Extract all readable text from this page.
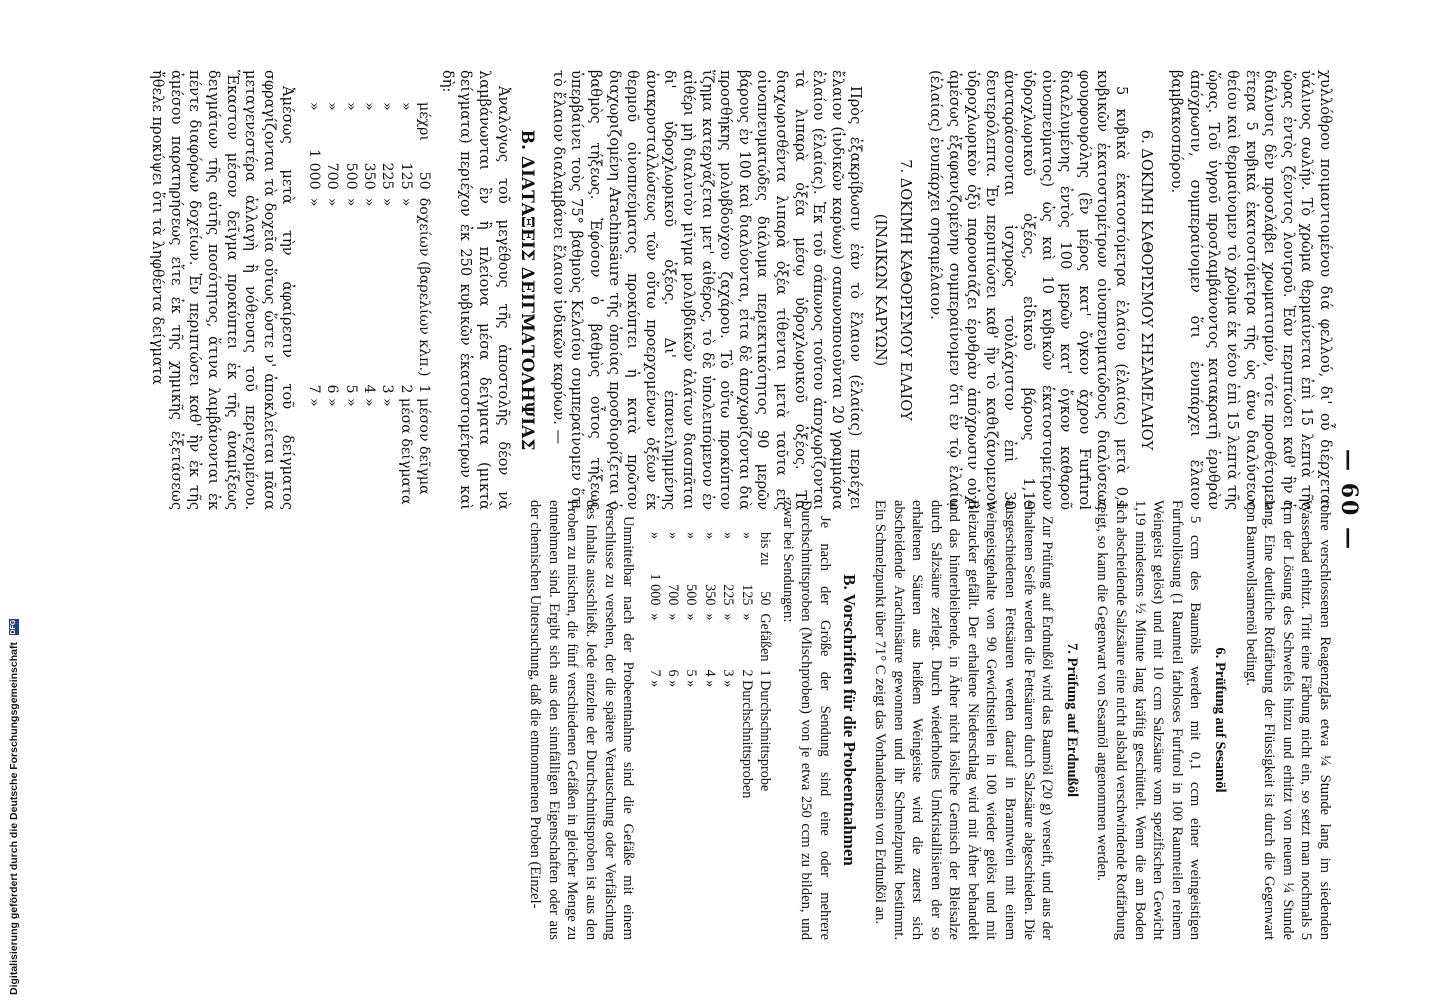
— 60 —

χυλλόθρου ποιμαντιομένου διά φελλού, δι' οὗ διέρχεται ὑάλινος σωλήν. Τὸ χρῶμα θερμαίνεται ἐπὶ 15 λεπτὰ τῆς ὥρας ἐντὸς ζέοντος λουτροῦ. Ἐὰν περιπτώσει καθ' ἣν ἡ διάλυσις δὲν προσλάβει χρωματισμόν, τότε προσθέτομεν ἕτερα 5 κυβικὰ ἑκατοστόμετρα τῆς ὡς ἄνω διαλύσεως θείου καὶ θερμαίνομεν τὸ χρῶμα ἐκ νέου ἐπὶ 15 λεπτὰ τῆς ὥρας. Τοῦ ὑγροῦ προσλαμβάνοντος κατακρατῆ ἐρυθρὰν ἀπόχρωσιν, συμπεραίνομεν ὅτι ἐνυπάρχει ἔλαιον βαμβακοσπόρου.

6. ΔΟΚΙΜΗ ΚΑΘΟΡΙΣΜΟΥ ΣΗΣΑΜΕΛΑΙΟΥ

5 κυβικὰ ἑκατοστόμετρα ἐλαίου (ἐλαίας) μετὰ 0,1 κυβικῶν ἑκατοστομέτρων οἰνοπνευματώδους διαλύσεως φουρφουρόλης (ἓν μέρος κατ' ὄγκον ἄχρου Furfurol διαλελυμένης ἐντὸς 100 μερῶν κατ' ὄγκον καθαροῦ οἰνοπνεύματος) ὡς καὶ 10 κυβικῶν ἑκατοστομέτρων ὑδροχλωρικοῦ ὀξέος, εἰδικοῦ βάρους 1,19 ἀναταράσσονται ἰσχυρῶς τοὐλάχιστον ἐπὶ 30 δευτερόλεπτα. Ἐν περιπτώσει καθ' ἣν τὸ καθιζάνομενον ὑδροχλωρικὸν ὀξὺ παρουσιάζει ἐρυθρὰν ἀπόχρωσιν οὐχὶ ἀμέσως ἐξαφανιζομένην συμπεραίνομεν ὅτι ἐν τῷ ἐλαίῳ (ἐλαίας) ἐνυπάρχει σησαμέλαιον.

7. ΔΟΚΙΜΗ ΚΑΘΟΡΙΣΜΟΥ ΕΛΑΙΟΥ
(ΙΝΔΙΚΩΝ ΚΑΡΥΩΝ)

Πρὸς ἐξακρίβωσιν ἐὰν τὸ ἔλαιον (ἐλαίας) περιέχει ἔλαιον (ἰνδικῶν καρύων) σαπωνοποιοῦνται 20 γραμμάρια ἐλαίου (ἐλαίας). Ἐκ τοῦ σάπωνος τούτου ἀποχωρίζονται τὰ λιπαρὰ ὀξέα μέσῳ ὑδροχλωρικοῦ ὀξέος. Τὰ διαχωρισθέντα λιπαρὰ ὀξέα τίθενται μετὰ ταῦτα εἰς οἰνοπνευματώδες διάλυμα περιεκτικότητος 90 μερῶν βάρους ἐν 100 καὶ διαλύονται, εἶτα δὲ ἀποχωρίζονται διὰ προσθήκης μολυβδούχου ζαχάρου. Τὸ οὕτω προκύπτον ἵζημα κατεργάζεται μετ' αἰθέρος, τὸ δὲ ὑπολειπόμενον ἐν αἰθέρι μὴ διαλυτὸν μῖγμα μολυβδικῶν ἀλάτων διασπᾶται δι' ὑδροχλωρικοῦ ὀξέος. Δι' ἐπανειλημμένης ἀνακρυσταλλώσεως τῶν οὕτω προερχομένων ὀξέων ἐκ θερμοῦ οἰνοπνεύματος προκύπτει ἡ κατὰ πρῶτον διαχωριζομένη Arachinsäure τῆς ὁποίας προσδιορίζεται ὁ βαθμὸς τήξεως. Ἐφόσον ὁ βαθμὸς οὗτος τήξεως ὑπερβαίνει τοὺς 75° βαθμοὺς Κελσίου συμπεραίνομεν ὅτι τὸ ἔλαιον διαλαμβάνει ἔλαιον ἰνδικῶν καρύων. —

B. ΔΙΑΤΑΞΕΙΣ ΔΕΙΓΜΑΤΟΛΗΨΙΑΣ

Ἀναλόγως τοῦ μεγέθους τῆς ἀποστολῆς δέον νὰ λαμβάνωνται ἓν ἢ πλείονα μέσα δείγματα (μικτὰ δείγματα) περιέχον ἐκ 250 κυβικῶν ἑκατοστομέτρων καὶ δὴ:

μέχρι	50	δοχείων (βαρελίων κλπ.)	1 μέσον δεῖγμα
»	125	»	2 μέσα δείγματα
»	225	»	3 »
»	350	»	4 »
»	500	»	5 »
»	700	»	6 »
»	1 000	»	7 »

Ἀμέσως μετὰ τὴν ἀφαίρεσιν τοῦ δείγματος σφραγίζονται τὰ δοχεῖα οὕτως ὥστε ν' ἀποκλείεται πᾶσα μεταγενεστέρα ἀλλαγὴ ἢ νόθευσις τοῦ περιεχομένου. Ἕκαστον μέσον δεῖγμα προκύπτει ἐκ τῆς ἀναμίξεως δειγμάτων τῆς αὐτῆς ποσότητος, ἅτινα λαμβάνονται ἐκ πέντε διαφόρων δοχείων. Ἐν περιπτώσει καθ' ἣν ἐκ τῆς ἀμέσου παρατηρήσεως εἴτε ἐκ τῆς χημικῆς ἐξετάσεως ἤθελε προκύψει ὅτι τὰ ληφθέντα δείγματα

rohre verschlossenen Reagenzglas etwa ¼ Stunde lang im siedenden Wasserbad erhitzt. Tritt eine Färbung nicht ein, so setzt man nochmals 5 ccm der Lösung des Schwefels hinzu und erhitzt von neuem ¼ Stunde lang. Eine deutliche Rotfärbung der Flüssigkeit ist durch die Gegenwart von Baumwollsamenöl bedingt.

6. Prüfung auf Sesamöl

5 ccm des Baumöls werden mit 0,1 ccm einer weingeistigen Furfurollösung (1 Raumteil farbloses Furfurol in 100 Raumteilen reinem Weingeist gelöst) und mit 10 ccm Salzsäure vom spezifischen Gewicht 1,19 mindestens ½ Minute lang kräftig geschüttelt. Wenn die am Boden sich abscheidende Salzsäure eine nicht alsbald verschwindende Rotfärbung zeigt, so kann die Gegenwart von Sesamöl angenommen werden.

7. Prüfung auf Erdnußöl

Zur Prüfung auf Erdnußöl wird das Baumöl (20 g) verseift, und aus der erhaltenen Seife werden die Fettsäuren durch Salzsäure abgeschieden. Die ausgeschiedenen Fettsäuren werden darauf in Branntwein mit einem Weingeistgehalte von 90 Gewichtsteilen in 100 wieder gelöst und mit Bleizucker gefällt. Der erhaltene Niederschlag wird mit Äther behandelt und das hinterbleibende, in Äther nicht lösliche Gemisch der Bleisalze durch Salzsäure zerlegt. Durch wiederholtes Umkristallisieren der so erhaltenen Säuren aus heißem Weingeiste wird die zuerst sich abscheidende Arachinsäure gewonnen und ihr Schmelzpunkt bestimmt. Ein Schmelzpunkt über 71° C zeigt das Vorhandensein von Erdnußöl an.

B. Vorschriften für die Probeentnahmen

Je nach der Größe der Sendung sind eine oder mehrere Durchschnittsproben (Mischproben) von je etwa 250 ccm zu bilden, und zwar bei Sendungen:

bis zu	50	Gefäßen	1 Durchschnittsprobe
»	125	»	2 Durchschnittsproben
»	225	»	3 »
»	350	»	4 »
»	500	»	5 »
»	700	»	6 »
»	1 000	»	7 »

Unmittelbar nach der Probeentnahme sind die Gefäße mit einem Verschlusse zu versehen, der die spätere Vertauschung oder Verfälschung des Inhalts ausschließt. Jede einzelne der Durchschnittsproben ist aus den Proben zu mischen, die fünf verschiedenen Gefäßen in gleicher Menge zu entnehmen sind. Ergibt sich aus den sinnfälligen Eigenschaften oder aus der chemischen Untersuchung, daß die entnommenen Proben (Einzel-

Digitalisierung gefördert durch die Deutsche Forschungsgemeinschaft DFG
